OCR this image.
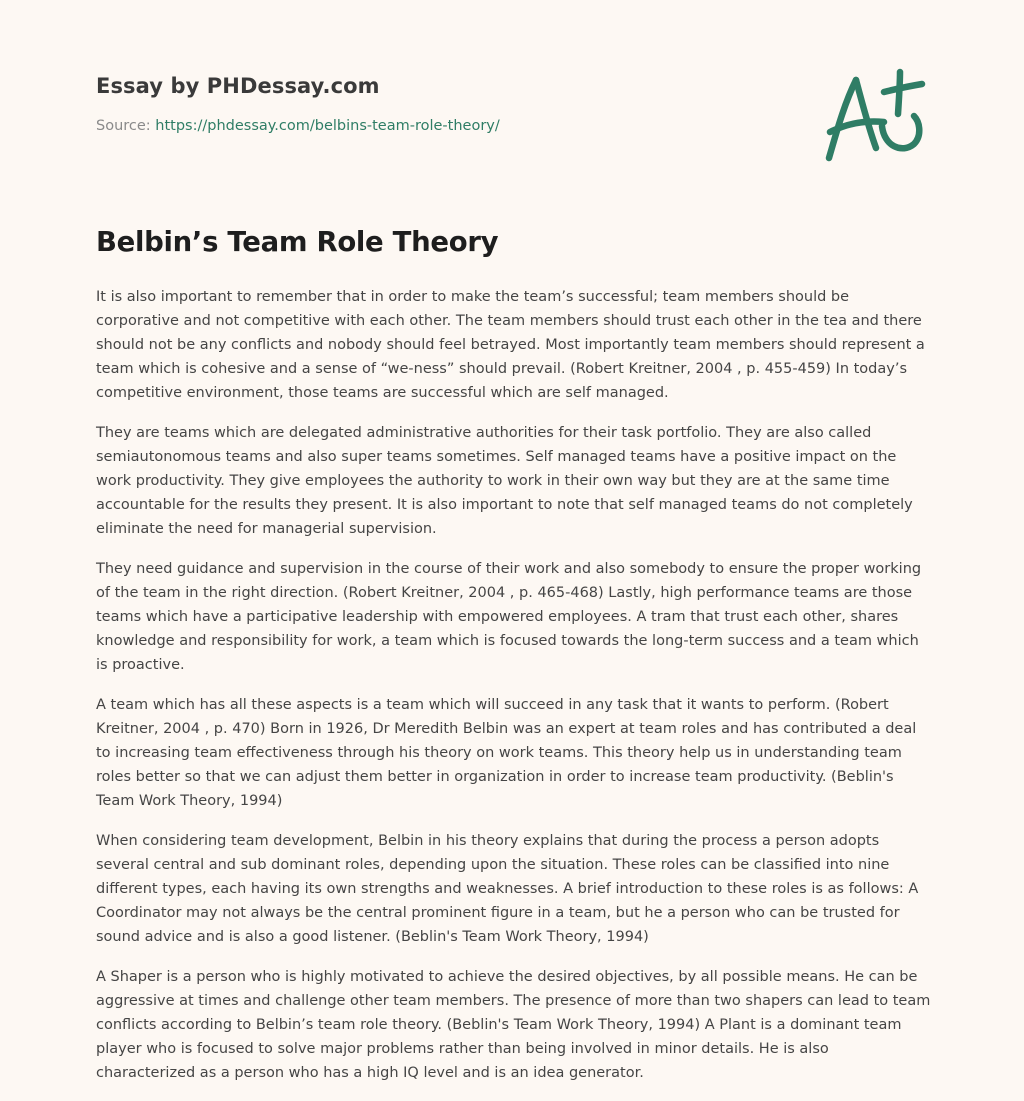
Essay by PHDessay.com
Source: https://phdessay.com/belbins-team-role-theory/
Belbin’s Team Role Theory

It is also important to remember that in order to make the team’s successful; team members should be corporative and not competitive with each other. The team members should trust each other in the tea and there should not be any conflicts and nobody should feel betrayed. Most importantly team members should represent a team which is cohesive and a sense of “we-ness” should prevail. (Robert Kreitner, 2004 , p. 455-459) In today’s competitive environment, those teams are successful which are self managed.

They are teams which are delegated administrative authorities for their task portfolio. They are also called semiautonomous teams and also super teams sometimes. Self managed teams have a positive impact on the work productivity. They give employees the authority to work in their own way but they are at the same time accountable for the results they present. It is also important to note that self managed teams do not completely eliminate the need for managerial supervision.

They need guidance and supervision in the course of their work and also somebody to ensure the proper working of the team in the right direction. (Robert Kreitner, 2004 , p. 465-468) Lastly, high performance teams are those teams which have a participative leadership with empowered employees. A tram that trust each other, shares knowledge and responsibility for work, a team which is focused towards the long-term success and a team which is proactive.

A team which has all these aspects is a team which will succeed in any task that it wants to perform. (Robert Kreitner, 2004 , p. 470) Born in 1926, Dr Meredith Belbin was an expert at team roles and has contributed a deal to increasing team effectiveness through his theory on work teams. This theory help us in understanding team roles better so that we can adjust them better in organization in order to increase team productivity. (Beblin's Team Work Theory, 1994)

When considering team development, Belbin in his theory explains that during the process a person adopts several central and sub dominant roles, depending upon the situation. These roles can be classified into nine different types, each having its own strengths and weaknesses. A brief introduction to these roles is as follows: A Coordinator may not always be the central prominent figure in a team, but he a person who can be trusted for sound advice and is also a good listener. (Beblin's Team Work Theory, 1994)

A Shaper is a person who is highly motivated to achieve the desired objectives, by all possible means. He can be aggressive at times and challenge other team members. The presence of more than two shapers can lead to team conflicts according to Belbin’s team role theory. (Beblin's Team Work Theory, 1994) A Plant is a dominant team player who is focused to solve major problems rather than being involved in minor details. He is also characterized as a person who has a high IQ level and is an idea generator.
